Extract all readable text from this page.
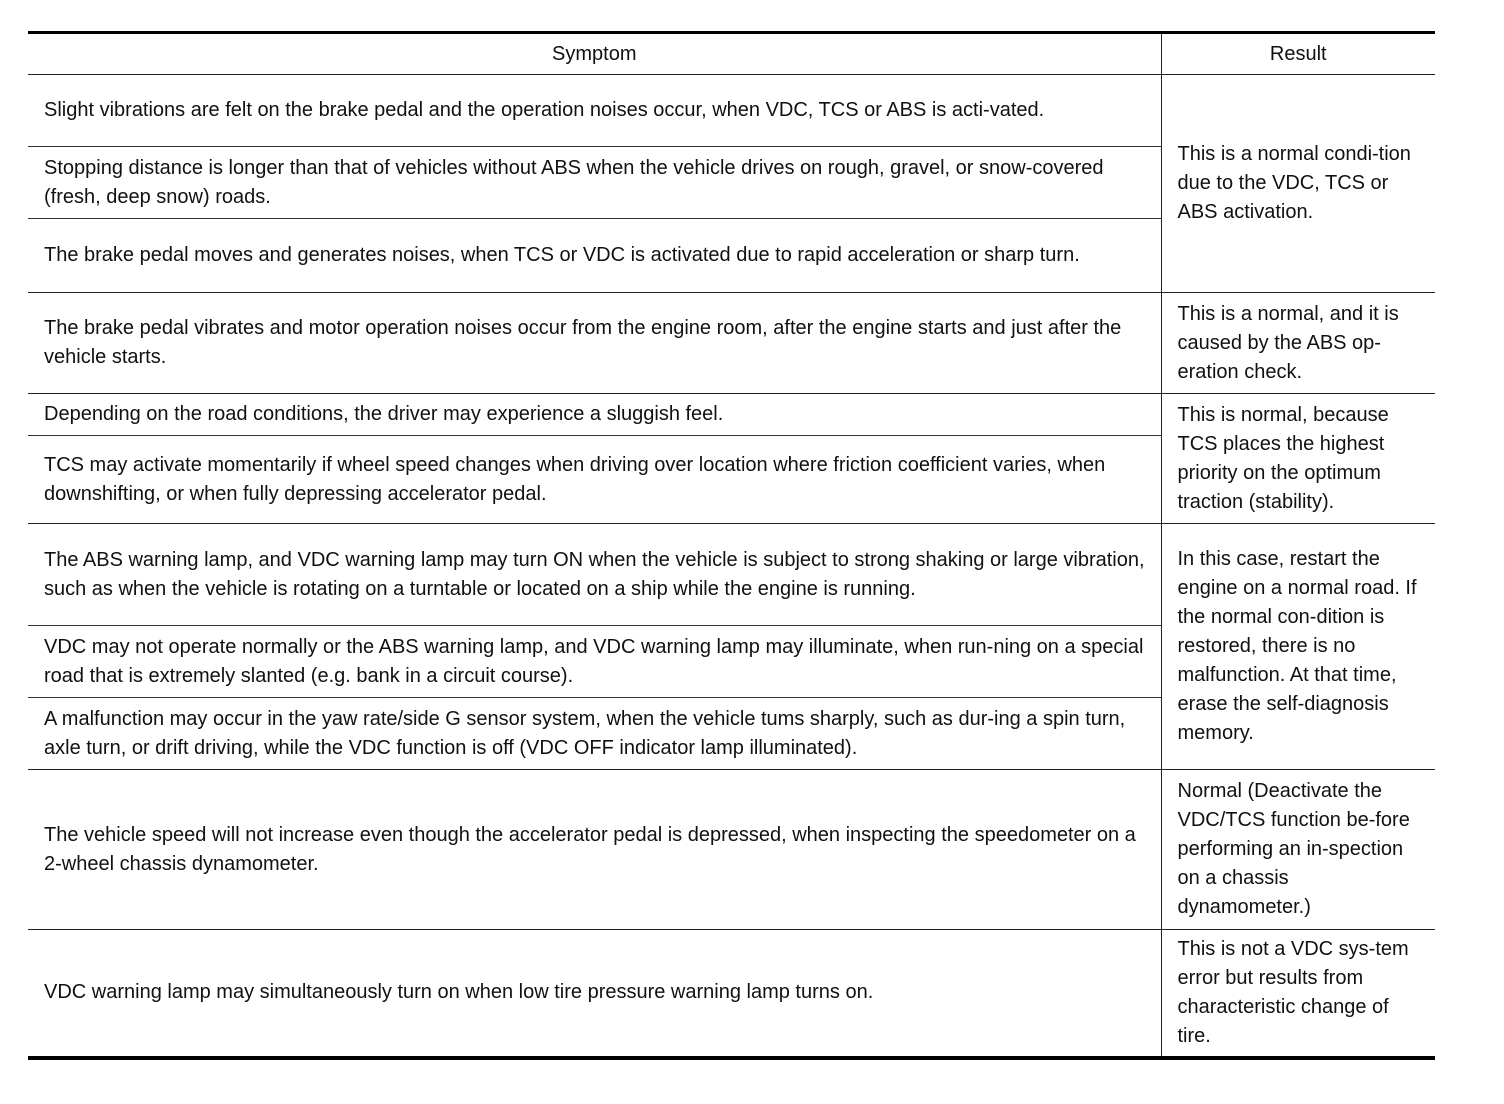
Symptom	Result
Slight vibrations are felt on the brake pedal and the operation noises occur, when VDC, TCS or ABS is acti-vated.	This is a normal condi-tion due to the VDC, TCS or ABS activation.
Stopping distance is longer than that of vehicles without ABS when the vehicle drives on rough, gravel, or snow-covered (fresh, deep snow) roads.	
The brake pedal moves and generates noises, when TCS or VDC is activated due to rapid acceleration or sharp turn.	
The brake pedal vibrates and motor operation noises occur from the engine room, after the engine starts and just after the vehicle starts.	This is a normal, and it is caused by the ABS op-eration check.
Depending on the road conditions, the driver may experience a sluggish feel.	This is normal, because TCS places the highest priority on the optimum traction (stability).
TCS may activate momentarily if wheel speed changes when driving over location where friction coefficient varies, when downshifting, or when fully depressing accelerator pedal.	
The ABS warning lamp, and VDC warning lamp may turn ON when the vehicle is subject to strong shaking or large vibration, such as when the vehicle is rotating on a turntable or located on a ship while the engine is running.	In this case, restart the engine on a normal road. If the normal con-dition is restored, there is no malfunction. At that time, erase the self-diagnosis memory.
VDC may not operate normally or the ABS warning lamp, and VDC warning lamp may illuminate, when run-ning on a special road that is extremely slanted (e.g. bank in a circuit course).	
A malfunction may occur in the yaw rate/side G sensor system, when the vehicle tums sharply, such as dur-ing a spin turn, axle turn, or drift driving, while the VDC function is off (VDC OFF indicator lamp illuminated).	
The vehicle speed will not increase even though the accelerator pedal is depressed, when inspecting the speedometer on a 2-wheel chassis dynamometer.	Normal (Deactivate the VDC/TCS function be-fore performing an in-spection on a chassis dynamometer.)
VDC warning lamp may simultaneously turn on when low tire pressure warning lamp turns on.	This is not a VDC sys-tem error but results from characteristic change of tire.
